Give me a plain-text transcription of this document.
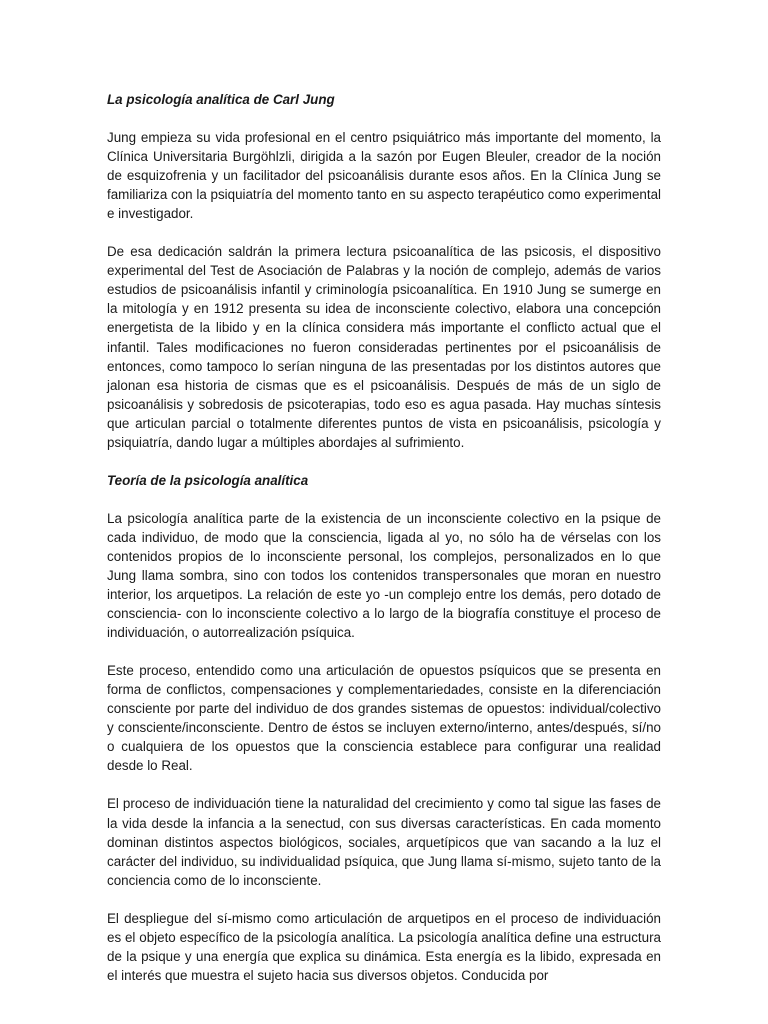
La psicología analítica de Carl Jung

Jung empieza su vida profesional en el centro psiquiátrico más importante del momento, la Clínica Universitaria Burgöhlzli, dirigida a la sazón por Eugen Bleuler, creador de la noción de esquizofrenia y un facilitador del psicoanálisis durante esos años. En la Clínica Jung se familiariza con la psiquiatría del momento tanto en su aspecto terapéutico como experimental e investigador.

De esa dedicación saldrán la primera lectura psicoanalítica de las psicosis, el dispositivo experimental del Test de Asociación de Palabras y la noción de complejo, además de varios estudios de psicoanálisis infantil y criminología psicoanalítica. En 1910 Jung se sumerge en la mitología y en 1912 presenta su idea de inconsciente colectivo, elabora una concepción energetista de la libido y en la clínica considera más importante el conflicto actual que el infantil. Tales modificaciones no fueron consideradas pertinentes por el psicoanálisis de entonces, como tampoco lo serían ninguna de las presentadas por los distintos autores que jalonan esa historia de cismas que es el psicoanálisis. Después de más de un siglo de psicoanálisis y sobredosis de psicoterapias, todo eso es agua pasada. Hay muchas síntesis que articulan parcial o totalmente diferentes puntos de vista en psicoanálisis, psicología y psiquiatría, dando lugar a múltiples abordajes al sufrimiento.

Teoría de la psicología analítica

La psicología analítica parte de la existencia de un inconsciente colectivo en la psique de cada individuo, de modo que la consciencia, ligada al yo, no sólo ha de vérselas con los contenidos propios de lo inconsciente personal, los complejos, personalizados en lo que Jung llama sombra, sino con todos los contenidos transpersonales que moran en nuestro interior, los arquetipos. La relación de este yo -un complejo entre los demás, pero dotado de consciencia- con lo inconsciente colectivo a lo largo de la biografía constituye el proceso de individuación, o autorrealización psíquica.

Este proceso, entendido como una articulación de opuestos psíquicos que se presenta en forma de conflictos, compensaciones y complementariedades, consiste en la diferenciación consciente por parte del individuo de dos grandes sistemas de opuestos: individual/colectivo y consciente/inconsciente. Dentro de éstos se incluyen externo/interno, antes/después, sí/no o cualquiera de los opuestos que la consciencia establece para configurar una realidad desde lo Real.

El proceso de individuación tiene la naturalidad del crecimiento y como tal sigue las fases de la vida desde la infancia a la senectud, con sus diversas características. En cada momento dominan distintos aspectos biológicos, sociales, arquetípicos que van sacando a la luz el carácter del individuo, su individualidad psíquica, que Jung llama sí-mismo, sujeto tanto de la conciencia como de lo inconsciente.

El despliegue del sí-mismo como articulación de arquetipos en el proceso de individuación es el objeto específico de la psicología analítica. La psicología analítica define una estructura de la psique y una energía que explica su dinámica. Esta energía es la libido, expresada en el interés que muestra el sujeto hacia sus diversos objetos. Conducida por
